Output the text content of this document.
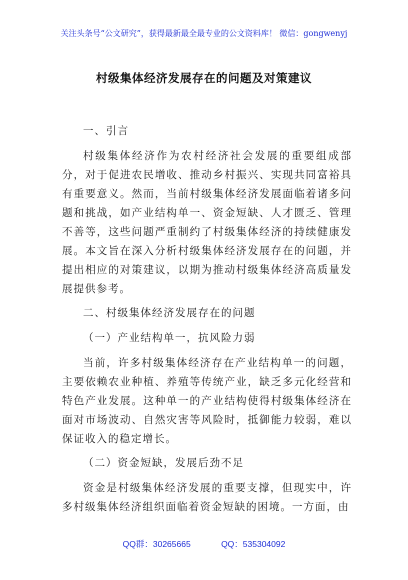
关注头条号“公文研究”，获得最新最全最专业的公文资料库！ 微信：gongwenyj
村级集体经济发展存在的问题及对策建议

一、引言

村级集体经济作为农村经济社会发展的重要组成部分，对于促进农民增收、推动乡村振兴、实现共同富裕具有重要意义。然而，当前村级集体经济发展面临着诸多问题和挑战，如产业结构单一、资金短缺、人才匮乏、管理不善等，这些问题严重制约了村级集体经济的持续健康发展。本文旨在深入分析村级集体经济发展存在的问题，并提出相应的对策建议，以期为推动村级集体经济高质量发展提供参考。

二、村级集体经济发展存在的问题

（一）产业结构单一，抗风险力弱

当前，许多村级集体经济存在产业结构单一的问题，主要依赖农业种植、养殖等传统产业，缺乏多元化经营和特色产业发展。这种单一的产业结构使得村级集体经济在面对市场波动、自然灾害等风险时，抵御能力较弱，难以保证收入的稳定增长。

（二）资金短缺，发展后劲不足

资金是村级集体经济发展的重要支撑，但现实中，许多村级集体经济组织面临着资金短缺的困境。一方面，由

QQ群：30265665	QQ：535304092
